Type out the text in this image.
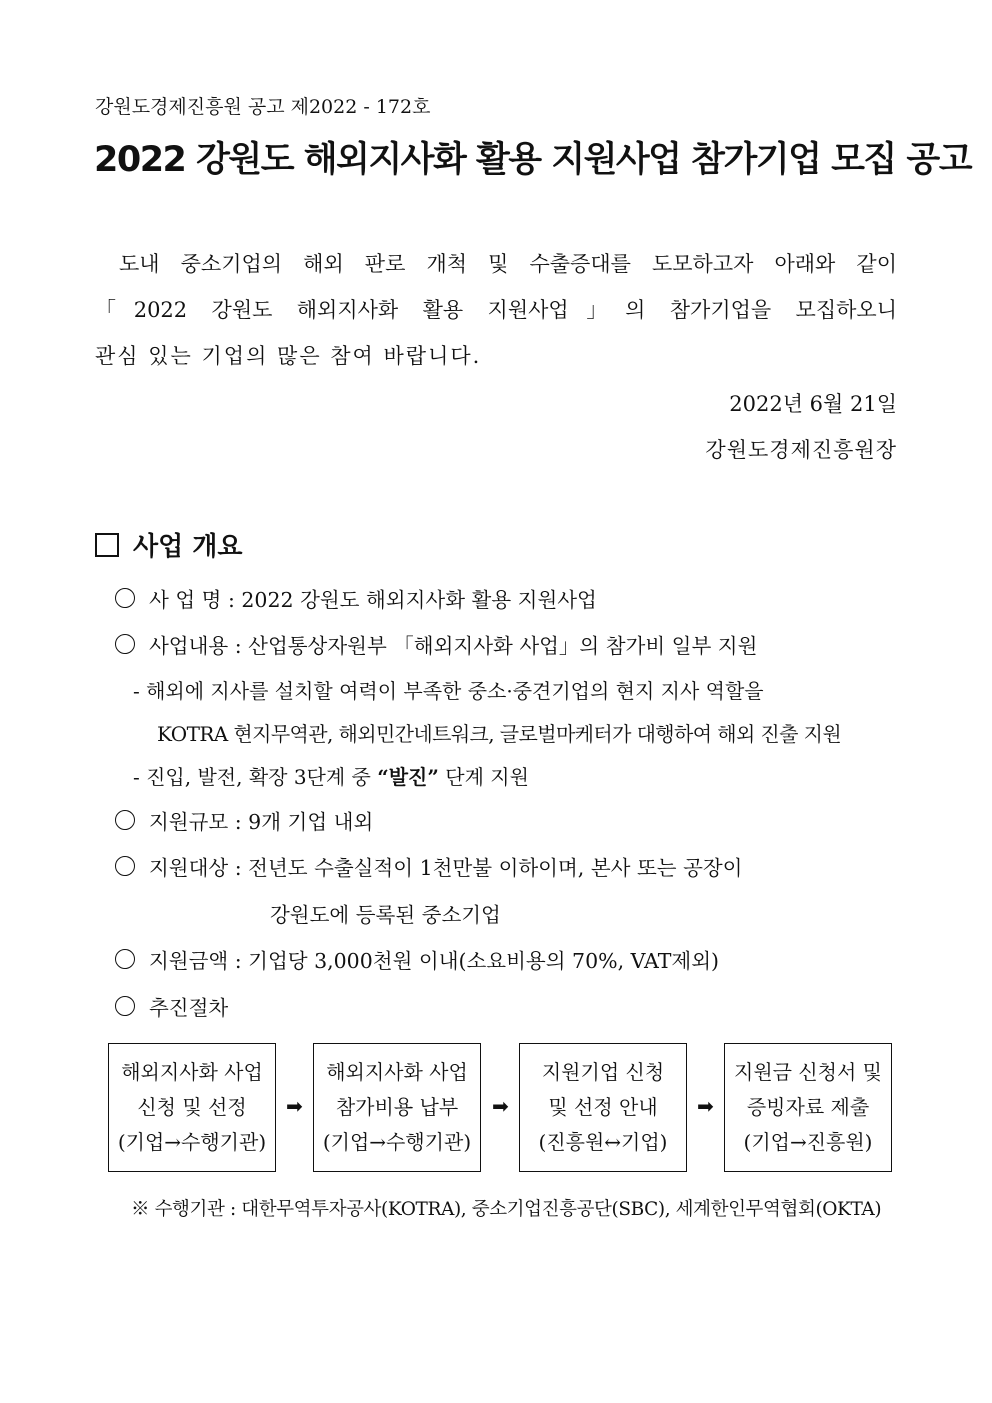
강원도경제진흥원 공고 제2022 - 172호
2022 강원도 해외지사화 활용 지원사업 참가기업 모집 공고
도내 중소기업의 해외 판로 개척 및 수출증대를 도모하고자 아래와 같이
「2022 강원도 해외지사화 활용 지원사업」의 참가기업을 모집하오니
관심 있는 기업의 많은 참여 바랍니다.
2022년 6월 21일
강원도경제진흥원장
사업 개요
사 업 명 : 2022 강원도 해외지사화 활용 지원사업
사업내용 : 산업통상자원부 「해외지사화 사업」의 참가비 일부 지원
- 해외에 지사를 설치할 여력이 부족한 중소·중견기업의 현지 지사 역할을
KOTRA 현지무역관, 해외민간네트워크, 글로벌마케터가 대행하여 해외 진출 지원
- 진입, 발전, 확장 3단계 중 “발진” 단계 지원
지원규모 : 9개 기업 내외
지원대상 : 전년도 수출실적이 1천만불 이하이며, 본사 또는 공장이
강원도에 등록된 중소기업
지원금액 : 기업당 3,000천원 이내(소요비용의 70%, VAT제외)
추진절차
해외지사화 사업
신청 및 선정
(기업→수행기관)
➡
해외지사화 사업
참가비용 납부
(기업→수행기관)
➡
지원기업 신청
및 선정 안내
(진흥원↔기업)
➡
지원금 신청서 및
증빙자료 제출
(기업→진흥원)
※ 수행기관 : 대한무역투자공사(KOTRA), 중소기업진흥공단(SBC), 세계한인무역협회(OKTA)
